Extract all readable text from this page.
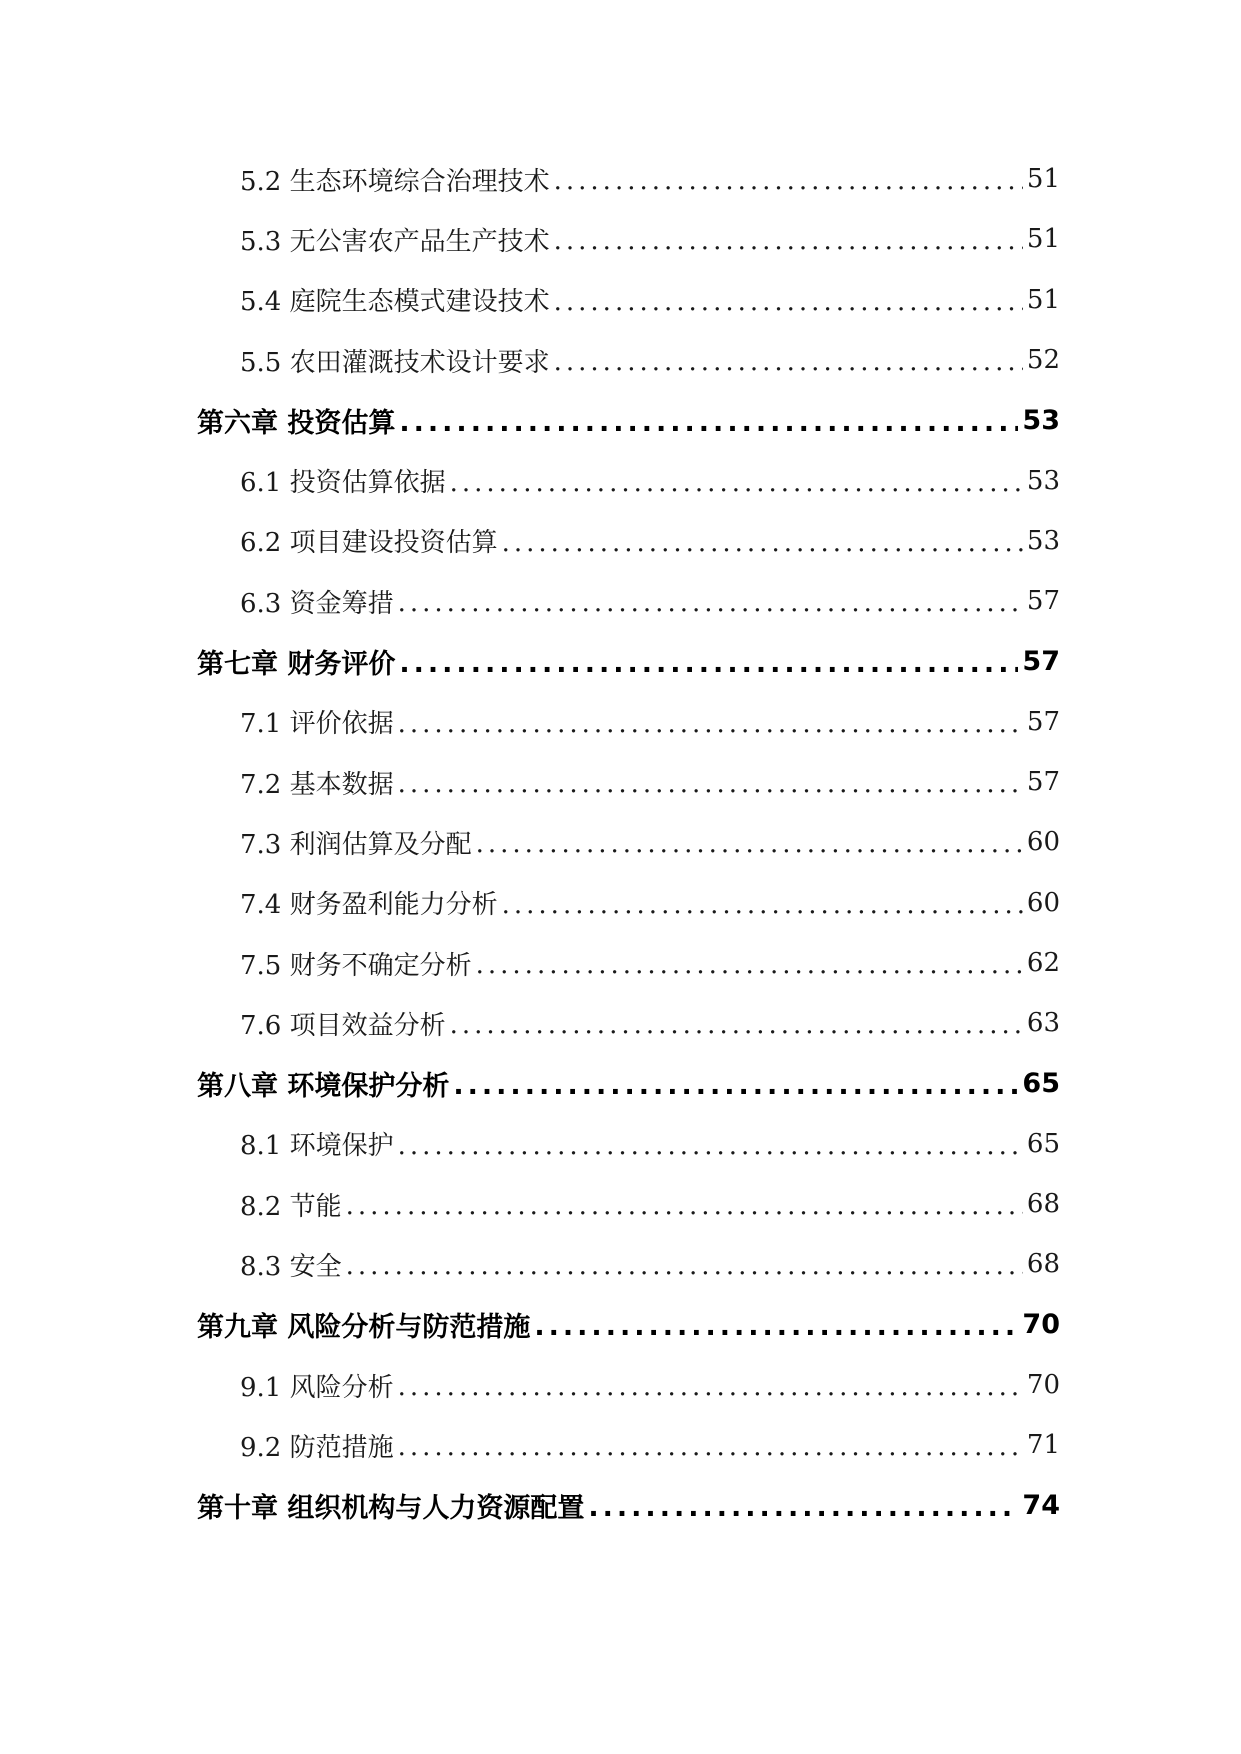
5.2 生态环境综合治理技术 .....	51
5.3 无公害农产品生产技术 .....	51
5.4 庭院生态模式建设技术 .....	51
5.5 农田灌溉技术设计要求 .....	52
第六章 投资估算 .....	53
6.1 投资估算依据 .....	53
6.2 项目建设投资估算 .....	53
6.3 资金筹措 .....	57
第七章 财务评价 .....	57
7.1 评价依据 .....	57
7.2 基本数据 .....	57
7.3 利润估算及分配 .....	60
7.4 财务盈利能力分析 .....	60
7.5 财务不确定分析 .....	62
7.6 项目效益分析 .....	63
第八章 环境保护分析 .....	65
8.1 环境保护 .....	65
8.2 节能 .....	68
8.3 安全 .....	68
第九章 风险分析与防范措施 .....	70
9.1 风险分析 .....	70
9.2 防范措施 .....	71
第十章 组织机构与人力资源配置 .....	74
